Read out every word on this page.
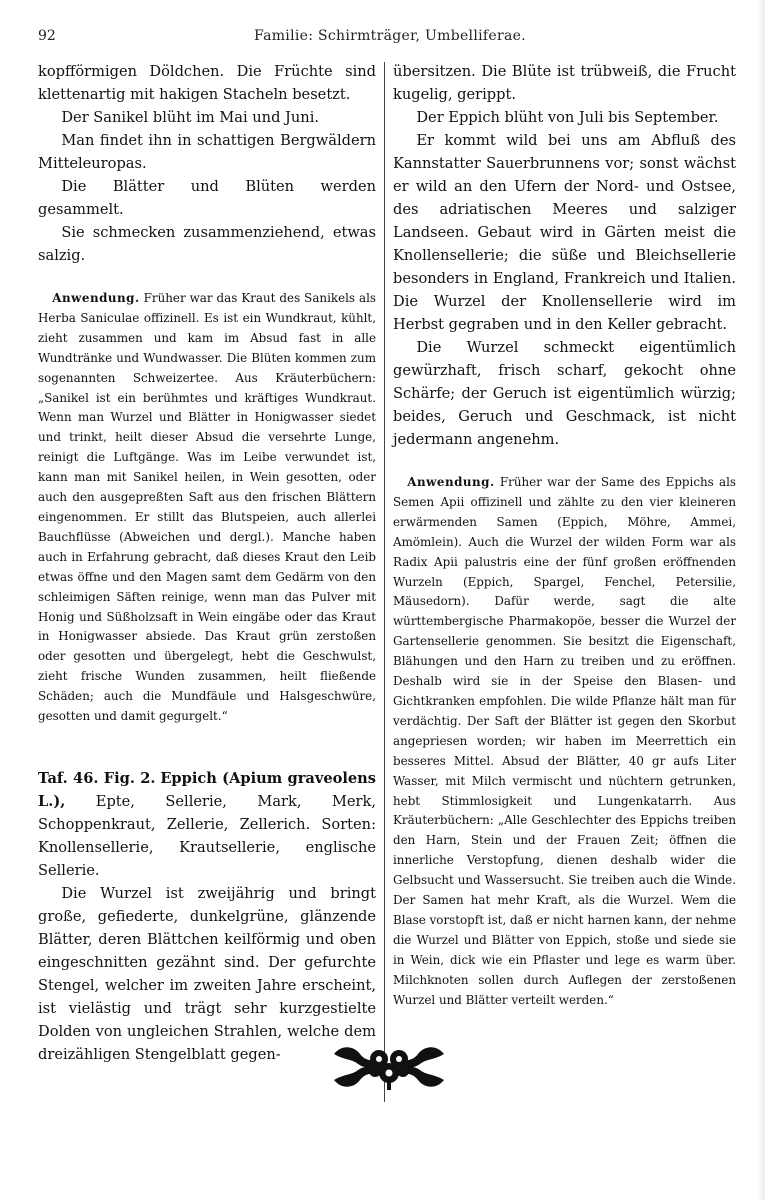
92	Familie: Schirmträger, Umbelliferae.

kopfförmigen Döldchen. Die Früchte sind klettenartig mit hakigen Stacheln besetzt.

Der Sanikel blüht im Mai und Juni.

Man findet ihn in schattigen Bergwäldern Mitteleuropas.

Die Blätter und Blüten werden gesammelt.

Sie schmecken zusammenziehend, etwas salzig.

Anwendung. Früher war das Kraut des Sanikels als Herba Saniculae offizinell. Es ist ein Wundkraut, kühlt, zieht zusammen und kam im Absud fast in alle Wundtränke und Wundwasser. Die Blüten kommen zum sogenannten Schweizertee. Aus Kräuterbüchern: „Sanikel ist ein berühmtes und kräftiges Wundkraut. Wenn man Wurzel und Blätter in Honigwasser siedet und trinkt, heilt dieser Absud die versehrte Lunge, reinigt die Luftgänge. Was im Leibe verwundet ist, kann man mit Sanikel heilen, in Wein gesotten, oder auch den ausgepreßten Saft aus den frischen Blättern eingenommen. Er stillt das Blutspeien, auch allerlei Bauchflüsse (Abweichen und dergl.). Manche haben auch in Erfahrung gebracht, daß dieses Kraut den Leib etwas öffne und den Magen samt dem Gedärm von den schleimigen Säften reinige, wenn man das Pulver mit Honig und Süßholzsaft in Wein eingäbe oder das Kraut in Honigwasser absiede. Das Kraut grün zerstoßen oder gesotten und übergelegt, hebt die Geschwulst, zieht frische Wunden zusammen, heilt fließende Schäden; auch die Mundfäule und Halsgeschwüre, gesotten und damit gegurgelt.“

Taf. 46. Fig. 2. Eppich (Apium graveolens L.), Epte, Sellerie, Mark, Merk, Schoppenkraut, Zellerie, Zellerich. Sorten: Knollensellerie, Krautsellerie, englische Sellerie.

Die Wurzel ist zweijährig und bringt große, gefiederte, dunkelgrüne, glänzende Blätter, deren Blättchen keilförmig und oben eingeschnitten gezähnt sind. Der gefurchte Stengel, welcher im zweiten Jahre erscheint, ist vielästig und trägt sehr kurzgestielte Dolden von ungleichen Strahlen, welche dem dreizähligen Stengelblatt gegen-

übersitzen. Die Blüte ist trübweiß, die Frucht kugelig, gerippt.

Der Eppich blüht von Juli bis September.

Er kommt wild bei uns am Abfluß des Kannstatter Sauerbrunnens vor; sonst wächst er wild an den Ufern der Nord- und Ostsee, des adriatischen Meeres und salziger Landseen. Gebaut wird in Gärten meist die Knollensellerie; die süße und Bleichsellerie besonders in England, Frankreich und Italien. Die Wurzel der Knollensellerie wird im Herbst gegraben und in den Keller gebracht.

Die Wurzel schmeckt eigentümlich gewürzhaft, frisch scharf, gekocht ohne Schärfe; der Geruch ist eigentümlich würzig; beides, Geruch und Geschmack, ist nicht jedermann angenehm.

Anwendung. Früher war der Same des Eppichs als Semen Apii offizinell und zählte zu den vier kleineren erwärmenden Samen (Eppich, Möhre, Ammei, Amömlein). Auch die Wurzel der wilden Form war als Radix Apii palustris eine der fünf großen eröffnenden Wurzeln (Eppich, Spargel, Fenchel, Petersilie, Mäusedorn). Dafür werde, sagt die alte württembergische Pharmakopöe, besser die Wurzel der Gartensellerie genommen. Sie besitzt die Eigenschaft, Blähungen und den Harn zu treiben und zu eröffnen. Deshalb wird sie in der Speise den Blasen- und Gichtkranken empfohlen. Die wilde Pflanze hält man für verdächtig. Der Saft der Blätter ist gegen den Skorbut angepriesen worden; wir haben im Meerrettich ein besseres Mittel. Absud der Blätter, 40 gr aufs Liter Wasser, mit Milch vermischt und nüchtern getrunken, hebt Stimmlosigkeit und Lungenkatarrh. Aus Kräuterbüchern: „Alle Geschlechter des Eppichs treiben den Harn, Stein und der Frauen Zeit; öffnen die innerliche Verstopfung, dienen deshalb wider die Gelbsucht und Wassersucht. Sie treiben auch die Winde. Der Samen hat mehr Kraft, als die Wurzel. Wem die Blase vorstopft ist, daß er nicht harnen kann, der nehme die Wurzel und Blätter von Eppich, stoße und siede sie in Wein, dick wie ein Pflaster und lege es warm über. Milchknoten sollen durch Auflegen der zerstoßenen Wurzel und Blätter verteilt werden.“
